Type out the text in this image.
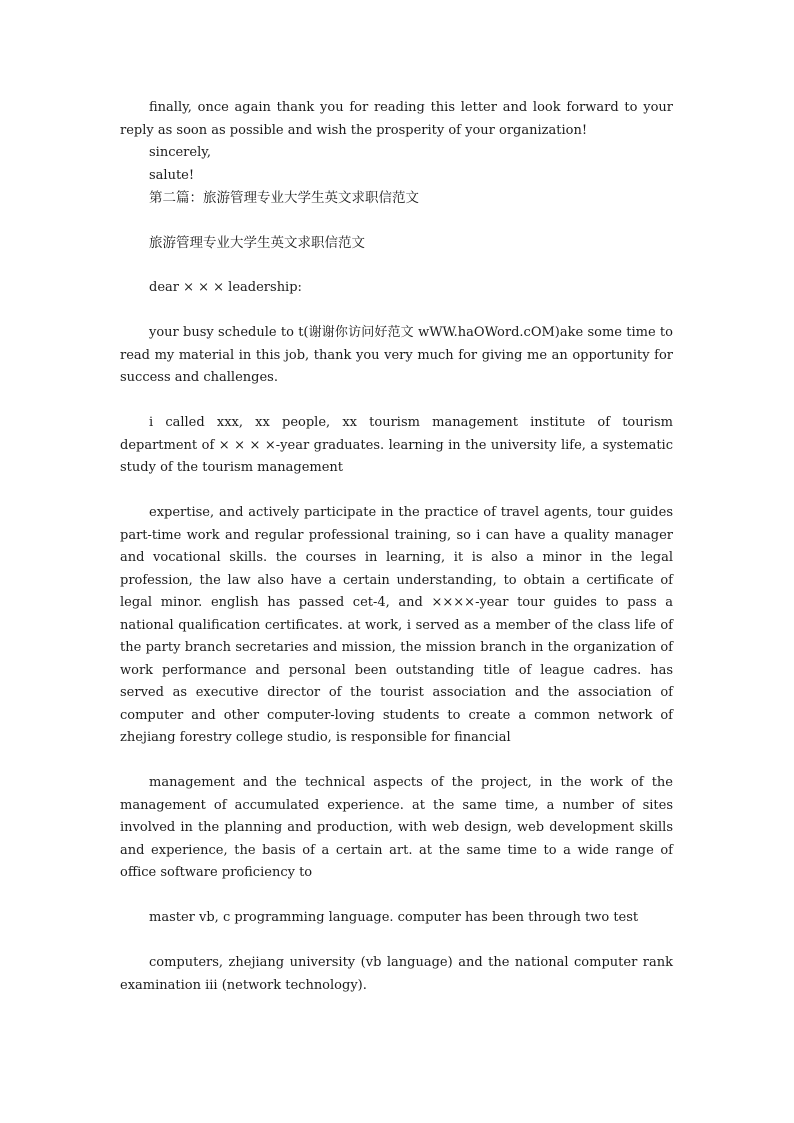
finally, once again thank you for reading this letter and look forward to your reply as soon as possible and wish the prosperity of your organization!

sincerely,

salute!

第二篇：旅游管理专业大学生英文求职信范文

旅游管理专业大学生英文求职信范文

dear × × × leadership:

your busy schedule to t(谢谢你访问好范文 wWW.haOWord.cOM)ake some time to read my material in this job, thank you very much for giving me an opportunity for success and challenges.

i called xxx, xx people, xx tourism management institute of tourism department of × × × ×-year graduates. learning in the university life, a systematic study of the tourism management

expertise, and actively participate in the practice of travel agents, tour guides part-time work and regular professional training, so i can have a quality manager and vocational skills. the courses in learning, it is also a minor in the legal profession, the law also have a certain understanding, to obtain a certificate of legal minor. english has passed cet-4, and ××××-year tour guides to pass a national qualification certificates. at work, i served as a member of the class life of the party branch secretaries and mission, the mission branch in the organization of work performance and personal been outstanding title of league cadres. has served as executive director of the tourist association and the association of computer and other computer-loving students to create a common network of zhejiang forestry college studio, is responsible for financial

management and the technical aspects of the project, in the work of the management of accumulated experience. at the same time, a number of sites involved in the planning and production, with web design, web development skills and experience, the basis of a certain art. at the same time to a wide range of office software proficiency to

master vb, c programming language. computer has been through two test

computers, zhejiang university (vb language) and the national computer rank examination iii (network technology).
